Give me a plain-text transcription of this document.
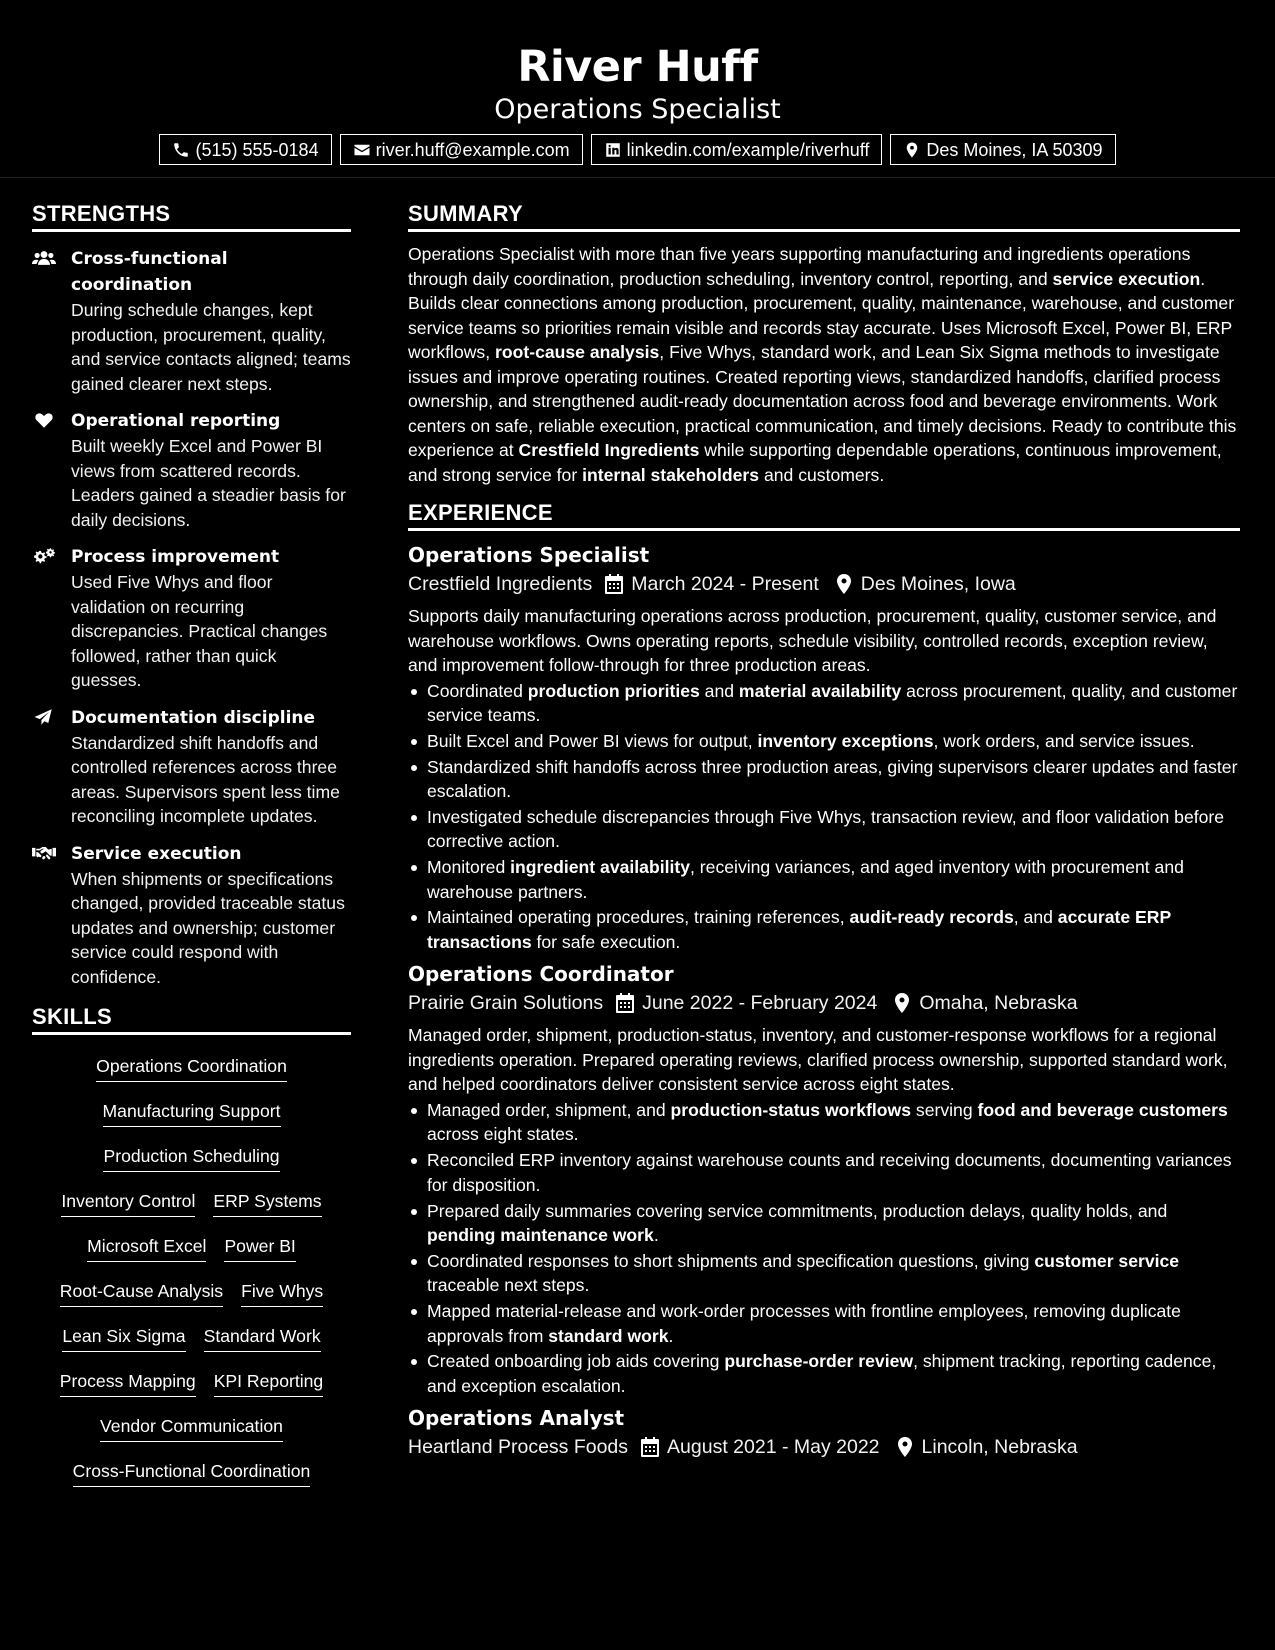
River Huff
Operations Specialist
(515) 555-0184	river.huff@example.com	linkedin.com/example/riverhuff	Des Moines, IA 50309
STRENGTHS
Cross-functional coordination
During schedule changes, kept production, procurement, quality, and service contacts aligned; teams gained clearer next steps.
Operational reporting
Built weekly Excel and Power BI views from scattered records. Leaders gained a steadier basis for daily decisions.
Process improvement
Used Five Whys and floor validation on recurring discrepancies. Practical changes followed, rather than quick guesses.
Documentation discipline
Standardized shift handoffs and controlled references across three areas. Supervisors spent less time reconciling incomplete updates.
Service execution
When shipments or specifications changed, provided traceable status updates and ownership; customer service could respond with confidence.
SKILLS
Operations Coordination
Manufacturing Support
Production Scheduling
Inventory Control ERP Systems
Microsoft Excel Power BI
Root-Cause Analysis Five Whys
Lean Six Sigma Standard Work
Process Mapping KPI Reporting
Vendor Communication
Cross-Functional Coordination
SUMMARY

Operations Specialist with more than five years supporting manufacturing and ingredients operations through daily coordination, production scheduling, inventory control, reporting, and service execution. Builds clear connections among production, procurement, quality, maintenance, warehouse, and customer service teams so priorities remain visible and records stay accurate. Uses Microsoft Excel, Power BI, ERP workflows, root-cause analysis, Five Whys, standard work, and Lean Six Sigma methods to investigate issues and improve operating routines. Created reporting views, standardized handoffs, clarified process ownership, and strengthened audit-ready documentation across food and beverage environments. Work centers on safe, reliable execution, practical communication, and timely decisions. Ready to contribute this experience at Crestfield Ingredients while supporting dependable operations, continuous improvement, and strong service for internal stakeholders and customers.

EXPERIENCE
Operations Specialist
Crestfield Ingredients March 2024 - Present Des Moines, Iowa

Supports daily manufacturing operations across production, procurement, quality, customer service, and warehouse workflows. Owns operating reports, schedule visibility, controlled records, exception review, and improvement follow-through for three production areas.

Coordinated production priorities and material availability across procurement, quality, and customer service teams.
Built Excel and Power BI views for output, inventory exceptions, work orders, and service issues.
Standardized shift handoffs across three production areas, giving supervisors clearer updates and faster escalation.
Investigated schedule discrepancies through Five Whys, transaction review, and floor validation before corrective action.
Monitored ingredient availability, receiving variances, and aged inventory with procurement and warehouse partners.
Maintained operating procedures, training references, audit-ready records, and accurate ERP transactions for safe execution.
Operations Coordinator
Prairie Grain Solutions June 2022 - February 2024 Omaha, Nebraska

Managed order, shipment, production-status, inventory, and customer-response workflows for a regional ingredients operation. Prepared operating reviews, clarified process ownership, supported standard work, and helped coordinators deliver consistent service across eight states.

Managed order, shipment, and production-status workflows serving food and beverage customers across eight states.
Reconciled ERP inventory against warehouse counts and receiving documents, documenting variances for disposition.
Prepared daily summaries covering service commitments, production delays, quality holds, and pending maintenance work.
Coordinated responses to short shipments and specification questions, giving customer service traceable next steps.
Mapped material-release and work-order processes with frontline employees, removing duplicate approvals from standard work.
Created onboarding job aids covering purchase-order review, shipment tracking, reporting cadence, and exception escalation.
Operations Analyst
Heartland Process Foods August 2021 - May 2022 Lincoln, Nebraska
